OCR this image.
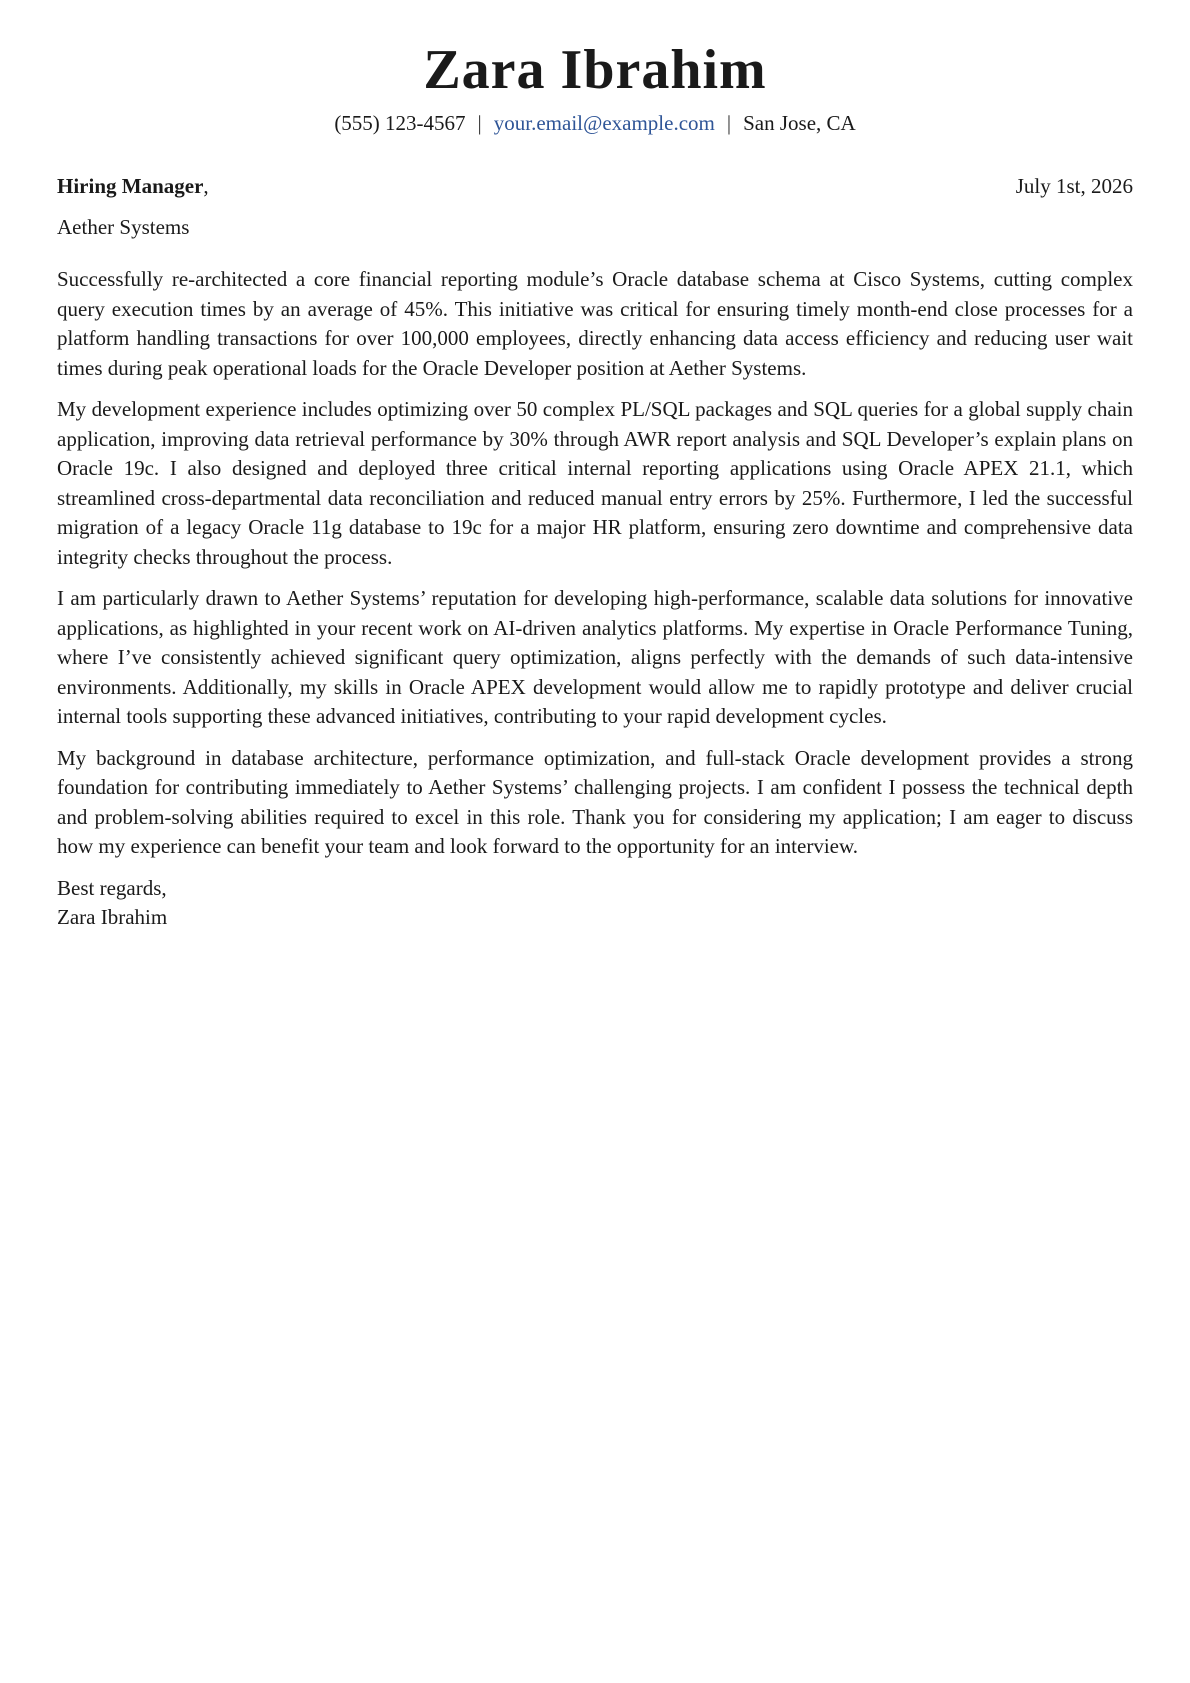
Zara Ibrahim
(555) 123-4567 | your.email@example.com | San Jose, CA
Hiring Manager,	July 1st, 2026
Aether Systems

Successfully re-architected a core financial reporting module’s Oracle database schema at Cisco Systems, cutting complex query execution times by an average of 45%. This initiative was critical for ensuring timely month-end close processes for a platform handling transactions for over 100,000 employees, directly enhancing data access efficiency and reducing user wait times during peak operational loads for the Oracle Developer position at Aether Systems.

My development experience includes optimizing over 50 complex PL/SQL packages and SQL queries for a global supply chain application, improving data retrieval performance by 30% through AWR report analysis and SQL Developer’s explain plans on Oracle 19c. I also designed and deployed three critical internal reporting applications using Oracle APEX 21.1, which streamlined cross-departmental data reconciliation and reduced manual entry errors by 25%. Furthermore, I led the successful migration of a legacy Oracle 11g database to 19c for a major HR platform, ensuring zero downtime and comprehensive data integrity checks throughout the process.

I am particularly drawn to Aether Systems’ reputation for developing high-performance, scalable data solutions for innovative applications, as highlighted in your recent work on AI-driven analytics platforms. My expertise in Oracle Performance Tuning, where I’ve consistently achieved significant query optimization, aligns perfectly with the demands of such data-intensive environments. Additionally, my skills in Oracle APEX development would allow me to rapidly prototype and deliver crucial internal tools supporting these advanced initiatives, contributing to your rapid development cycles.

My background in database architecture, performance optimization, and full-stack Oracle development provides a strong foundation for contributing immediately to Aether Systems’ challenging projects. I am confident I possess the technical depth and problem-solving abilities required to excel in this role. Thank you for considering my application; I am eager to discuss how my experience can benefit your team and look forward to the opportunity for an interview.

Best regards,
Zara Ibrahim
